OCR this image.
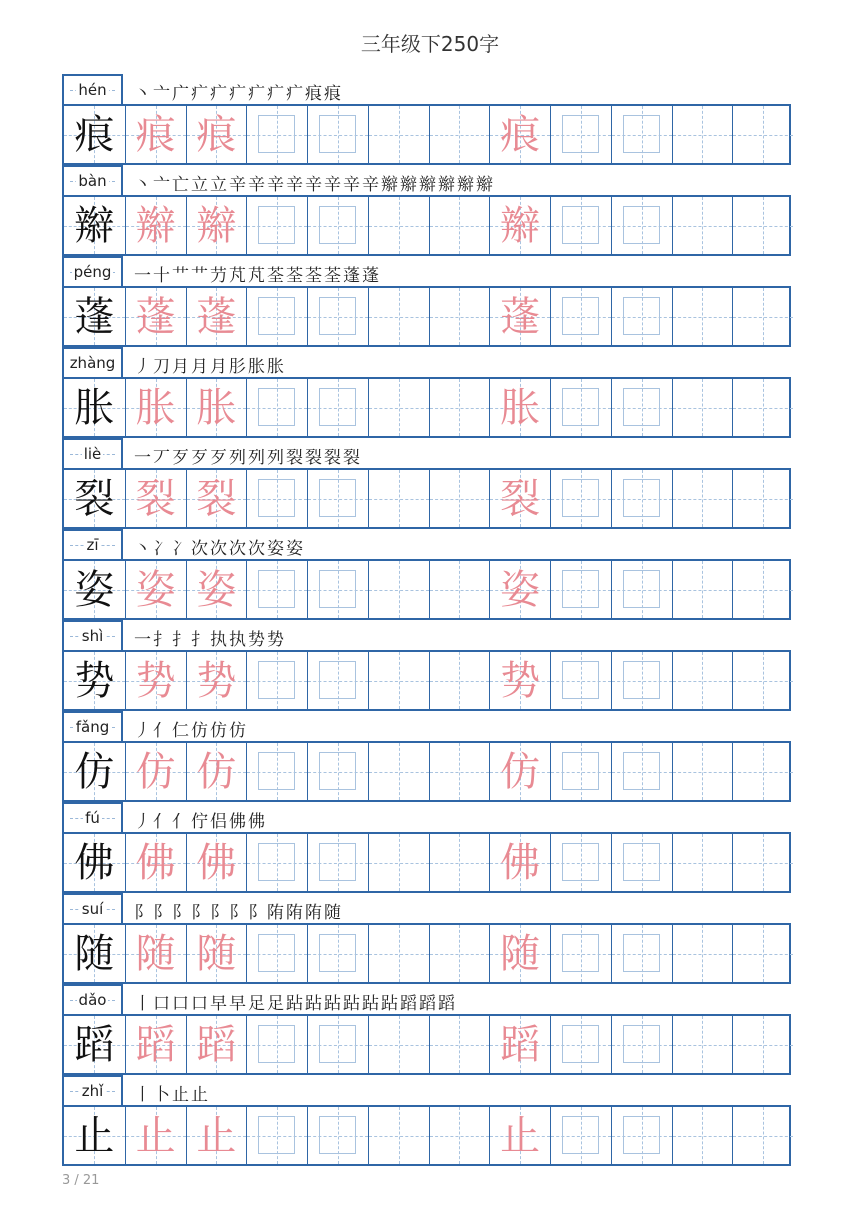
三年级下250字
hén 丶 亠 广 疒 疒 疒 疒 疒 疒 痕 痕
痕 痕 痕	痕
bàn 丶 亠 亡 立 立 辛 辛 辛 辛 辛 辛 辛 辛 辮 辮 辮 辮 辮 辮
辮 辮 辮	辮
péng 一 十 艹 艹 芀 芃 芃 荃 荃 荃 荃 蓬 蓬
蓬 蓬 蓬	蓬
zhàng 丿 刀 月 月 月 肜 胀 胀
胀 胀 胀	胀
liè 一 丆 歹 歹 歹 列 列 列 裂 裂 裂 裂
裂 裂 裂	裂
zī 丶 冫 冫 次 次 次 次 姿 姿
姿 姿 姿	姿
shì 一 扌 扌 扌 执 执 势 势
势 势 势	势
fǎng 丿 亻 仁 仿 仿 仿
仿 仿 仿	仿
fú 丿 亻 亻 佇 侣 佛 佛
佛 佛 佛	佛
suí 阝 阝 阝 阝 阝 阝 阝 陏 陏 陏 随
随 随 随	随
dǎo 丨 口 口 口 早 早 足 足 跕 跕 跕 跕 跕 跕 蹈 蹈 蹈
蹈 蹈 蹈	蹈
zhǐ 丨 卜 止 止
止 止 止	止
3 / 21
